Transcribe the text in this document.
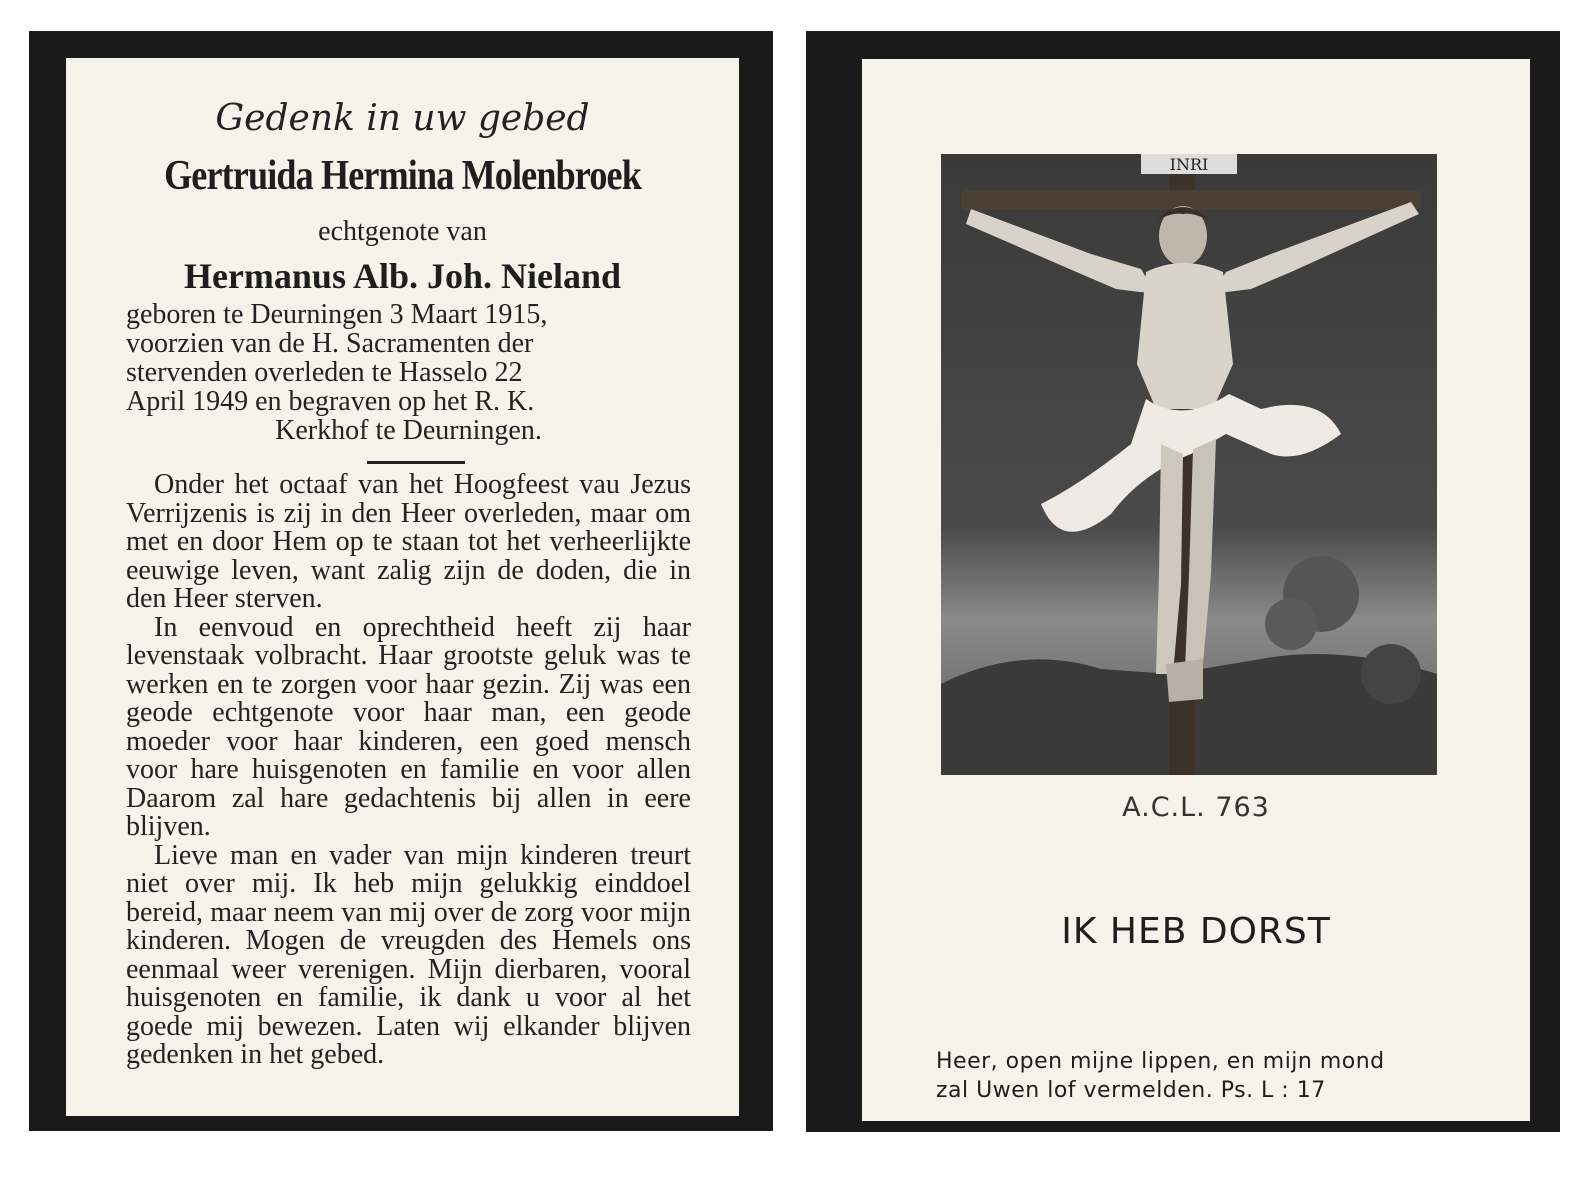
Gedenk in uw gebed
Gertruida Hermina Molenbroek
echtgenote van
Hermanus Alb. Joh. Nieland
geboren te Deurningen 3 Maart 1915,
voorzien van de H. Sacramenten der
stervenden overleden te Hasselo 22
April 1949 en begraven op het R. K.
Kerkhof te Deurningen.

Onder het octaaf van het Hoogfeest vau Jezus Verrijzenis is zij in den Heer overleden, maar om met en door Hem op te staan tot het verheerlijkte eeuwige leven, want zalig zijn de doden, die in den Heer sterven.

In eenvoud en oprechtheid heeft zij haar levenstaak volbracht. Haar grootste geluk was te werken en te zorgen voor haar gezin. Zij was een geode echtgenote voor haar man, een geode moeder voor haar kinderen, een goed mensch voor hare huisgenoten en familie en voor allen Daarom zal hare gedachtenis bij allen in eere blijven.

Lieve man en vader van mijn kinderen treurt niet over mij. Ik heb mijn gelukkig einddoel bereid, maar neem van mij over de zorg voor mijn kinderen. Mogen de vreugden des Hemels ons eenmaal weer verenigen. Mijn dierbaren, vooral huisgenoten en familie, ik dank u voor al het goede mij bewezen. Laten wij elkander blijven gedenken in het gebed.

INRI
A.C.L. 763
IK HEB DORST
Heer, open mijne lippen, en mijn mond
zal Uwen lof vermelden. Ps. L : 17
